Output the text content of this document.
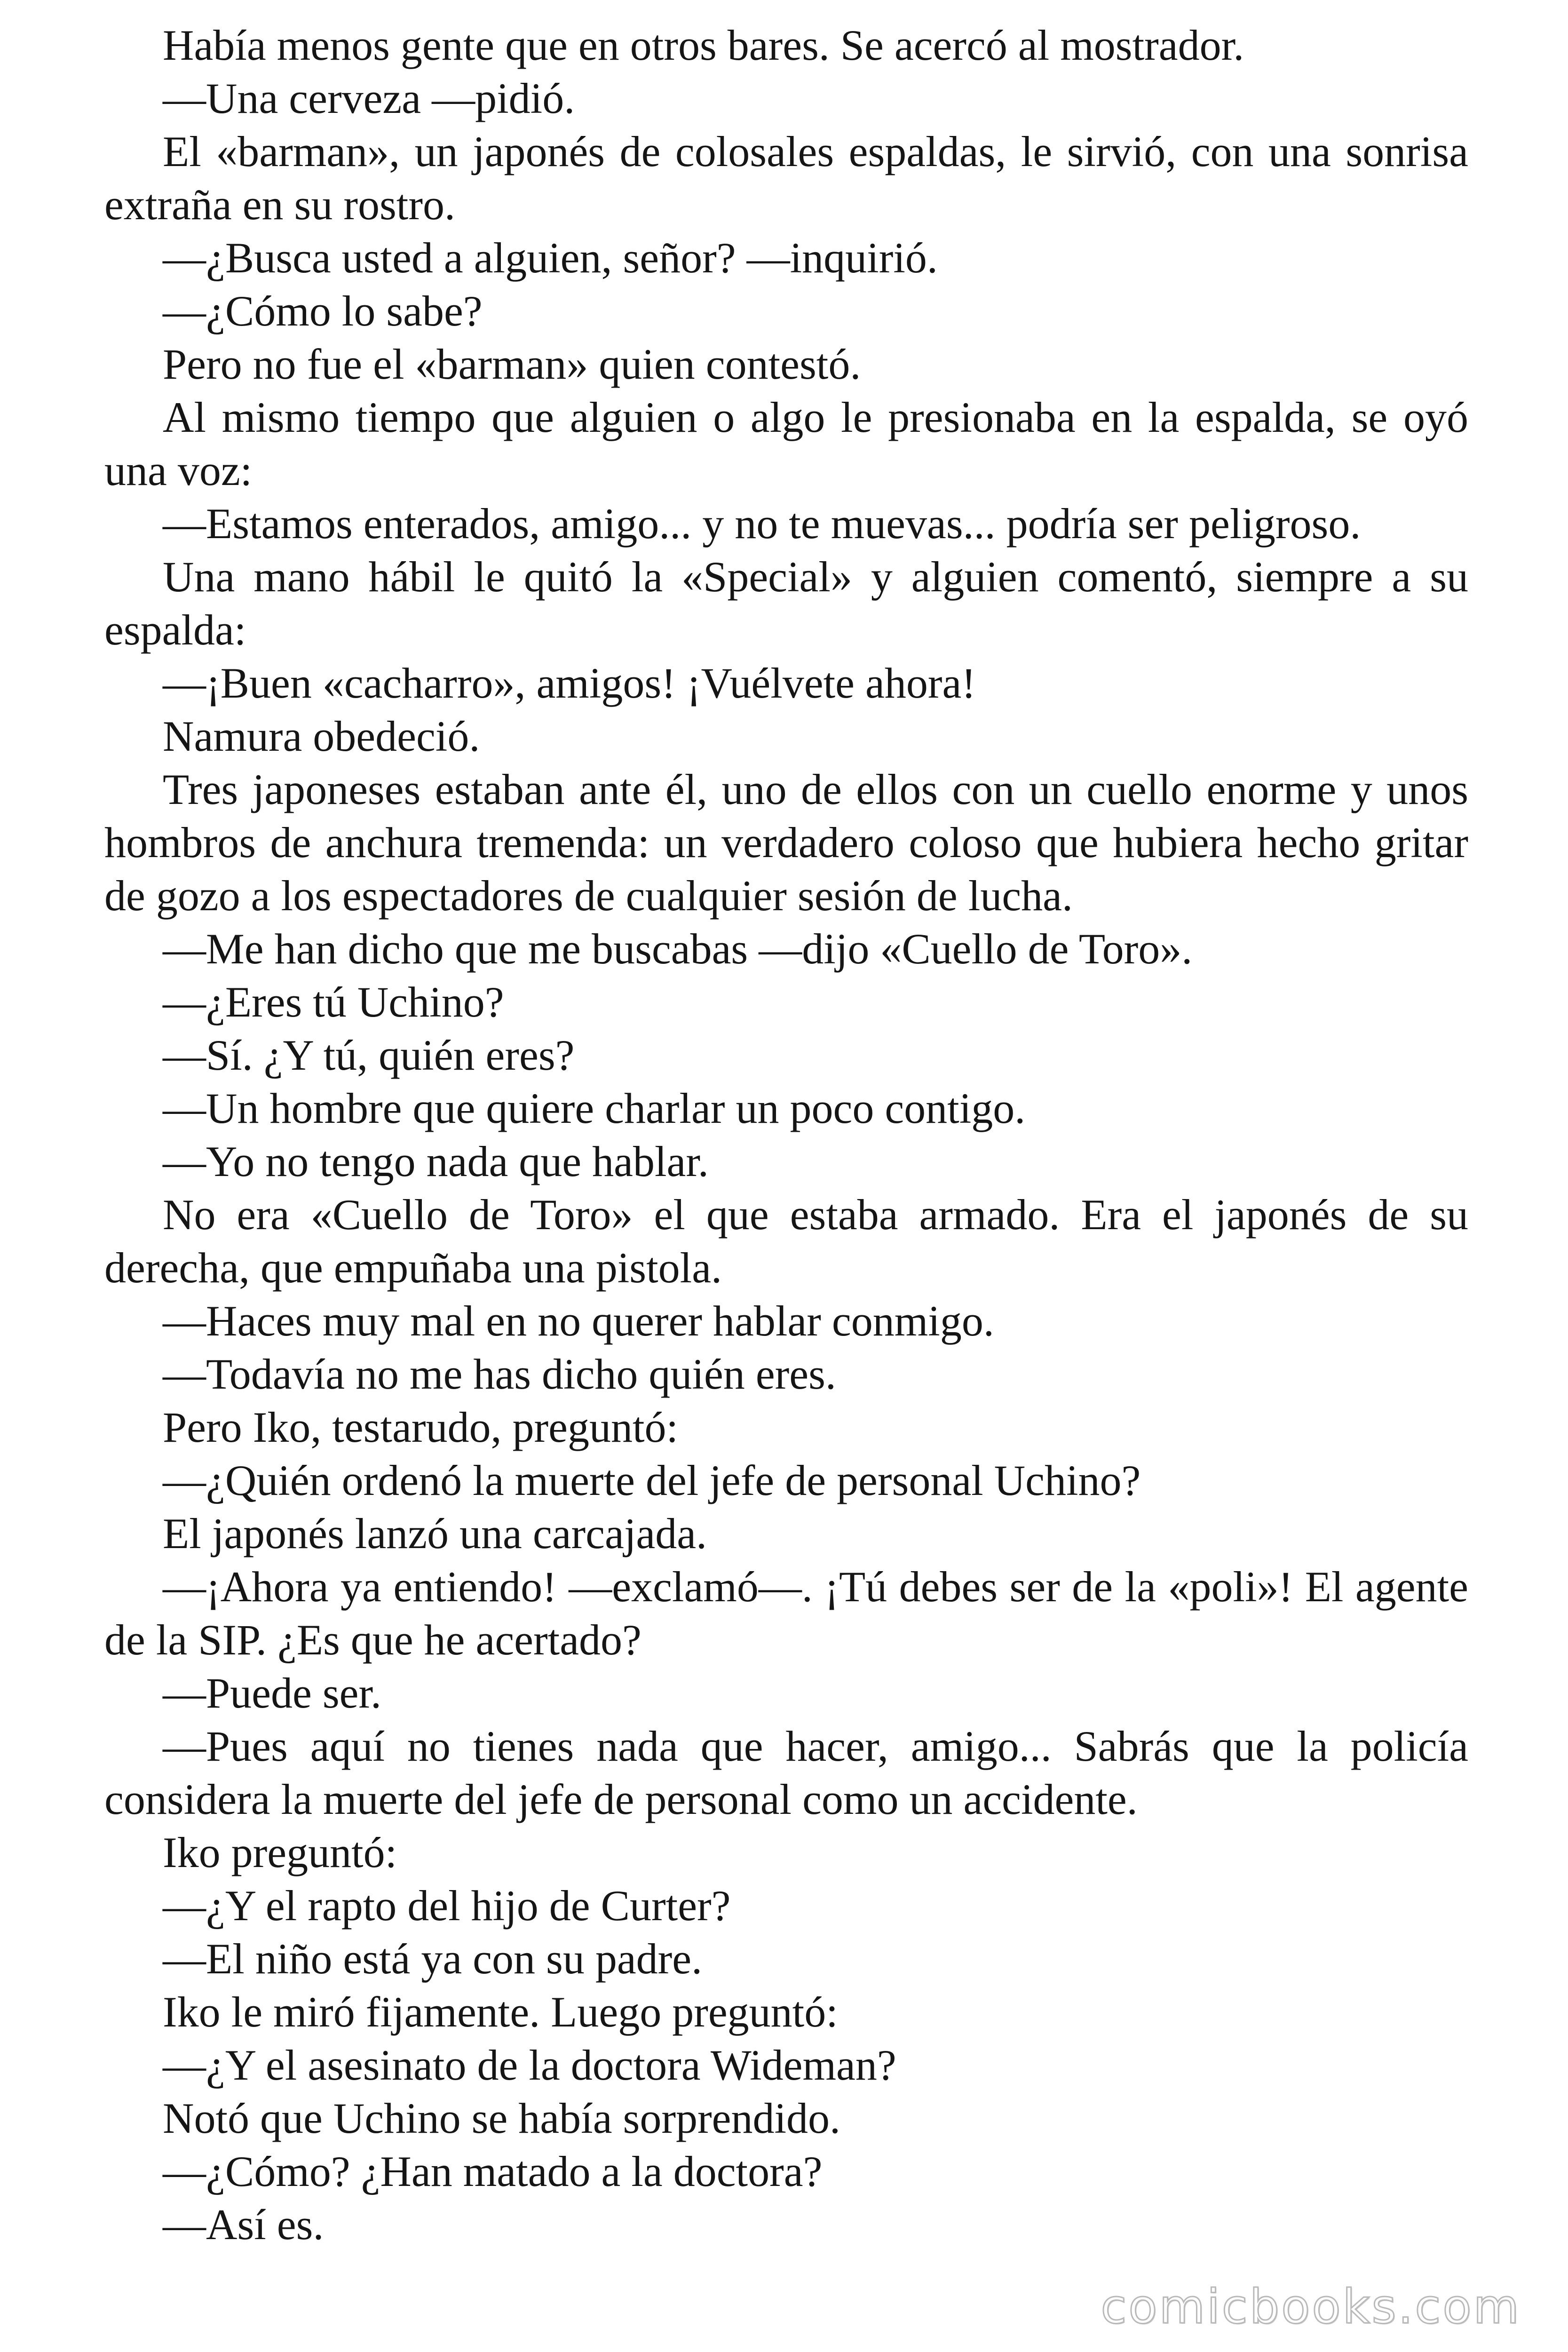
Había menos gente que en otros bares. Se acercó al mostrador.

—Una cerveza —pidió.

El «barman», un japonés de colosales espaldas, le sirvió, con una sonrisa extraña en su rostro.

—¿Busca usted a alguien, señor? —inquirió.

—¿Cómo lo sabe?

Pero no fue el «barman» quien contestó.

Al mismo tiempo que alguien o algo le presionaba en la espalda, se oyó una voz:

—Estamos enterados, amigo... y no te muevas... podría ser peligroso.

Una mano hábil le quitó la «Special» y alguien comentó, siempre a su espalda:

—¡Buen «cacharro», amigos! ¡Vuélvete ahora!

Namura obedeció.

Tres japoneses estaban ante él, uno de ellos con un cuello enorme y unos hombros de anchura tremenda: un verdadero coloso que hubiera hecho gritar de gozo a los espectadores de cualquier sesión de lucha.

—Me han dicho que me buscabas —dijo «Cuello de Toro».

—¿Eres tú Uchino?

—Sí. ¿Y tú, quién eres?

—Un hombre que quiere charlar un poco contigo.

—Yo no tengo nada que hablar.

No era «Cuello de Toro» el que estaba armado. Era el japonés de su derecha, que empuñaba una pistola.

—Haces muy mal en no querer hablar conmigo.

—Todavía no me has dicho quién eres.

Pero Iko, testarudo, preguntó:

—¿Quién ordenó la muerte del jefe de personal Uchino?

El japonés lanzó una carcajada.

—¡Ahora ya entiendo! —exclamó—. ¡Tú debes ser de la «poli»! El agente de la SIP. ¿Es que he acertado?

—Puede ser.

—Pues aquí no tienes nada que hacer, amigo... Sabrás que la policía considera la muerte del jefe de personal como un accidente.

Iko preguntó:

—¿Y el rapto del hijo de Curter?

—El niño está ya con su padre.

Iko le miró fijamente. Luego preguntó:

—¿Y el asesinato de la doctora Wideman?

Notó que Uchino se había sorprendido.

—¿Cómo? ¿Han matado a la doctora?

—Así es.

comicbooks.com
